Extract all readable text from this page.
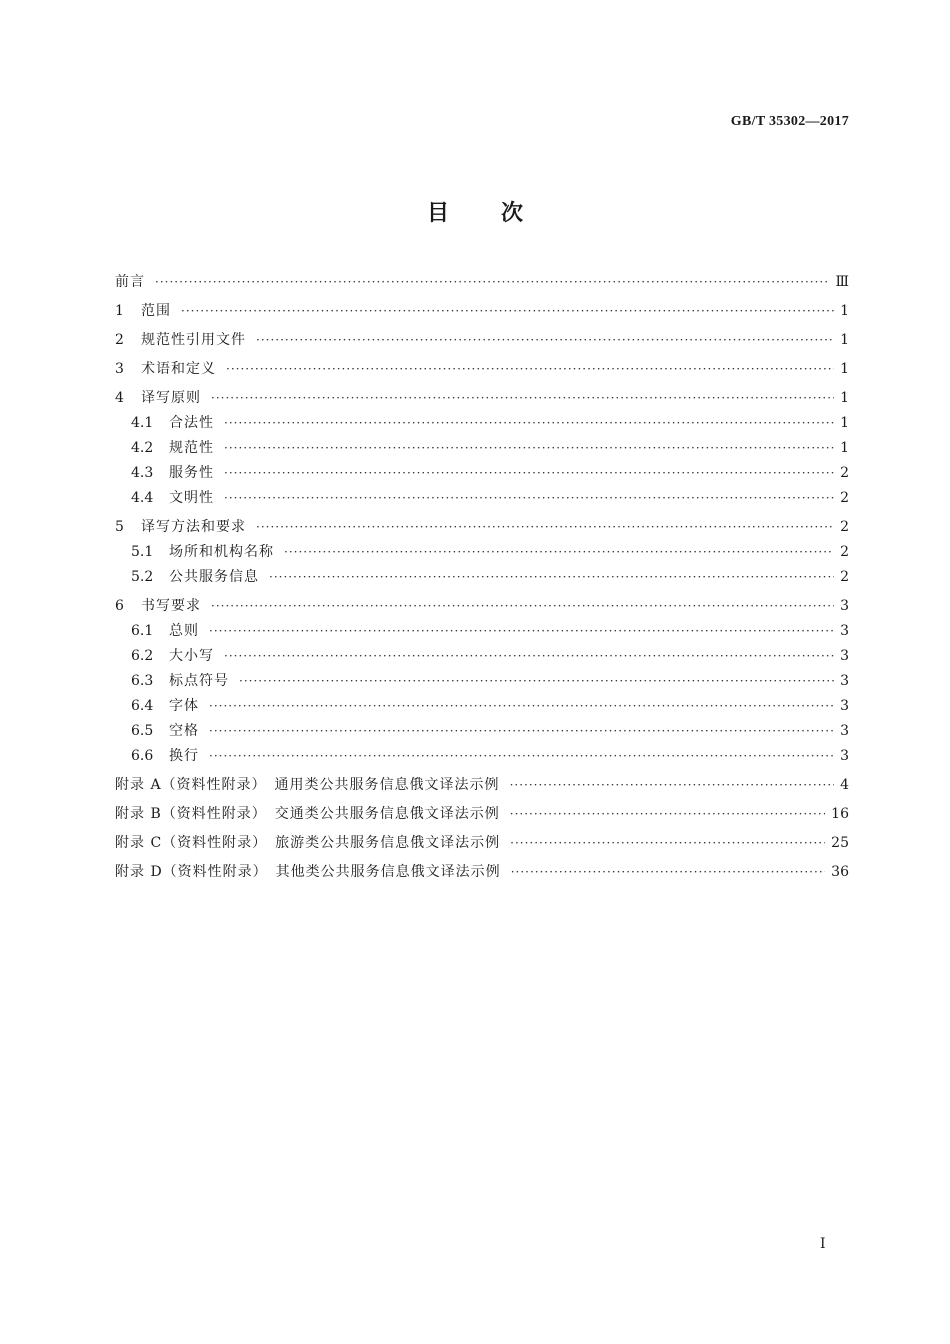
GB/T 35302—2017
目 次
前言 ·····	Ⅲ
1	范围 ·····	1
2	规范性引用文件 ·····	1
3	术语和定义 ·····	1
4	译写原则 ·····	1
4.1 合法性 ·····	1
4.2 规范性 ·····	1
4.3 服务性 ·····	2
4.4 文明性 ·····	2
5	译写方法和要求 ·····	2
5.1 场所和机构名称 ·····	2
5.2 公共服务信息 ·····	2
6	书写要求 ·····	3
6.1 总则 ·····	3
6.2 大小写 ·····	3
6.3 标点符号 ·····	3
6.4 字体 ·····	3
6.5 空格 ·····	3
6.6 换行 ·····	3
附录 A（资料性附录）　通用类公共服务信息俄文译法示例 ·····	4
附录 B（资料性附录）　交通类公共服务信息俄文译法示例 ·····	16
附录 C（资料性附录）　旅游类公共服务信息俄文译法示例 ·····	25
附录 D（资料性附录）　其他类公共服务信息俄文译法示例 ·····	36
Ⅰ
